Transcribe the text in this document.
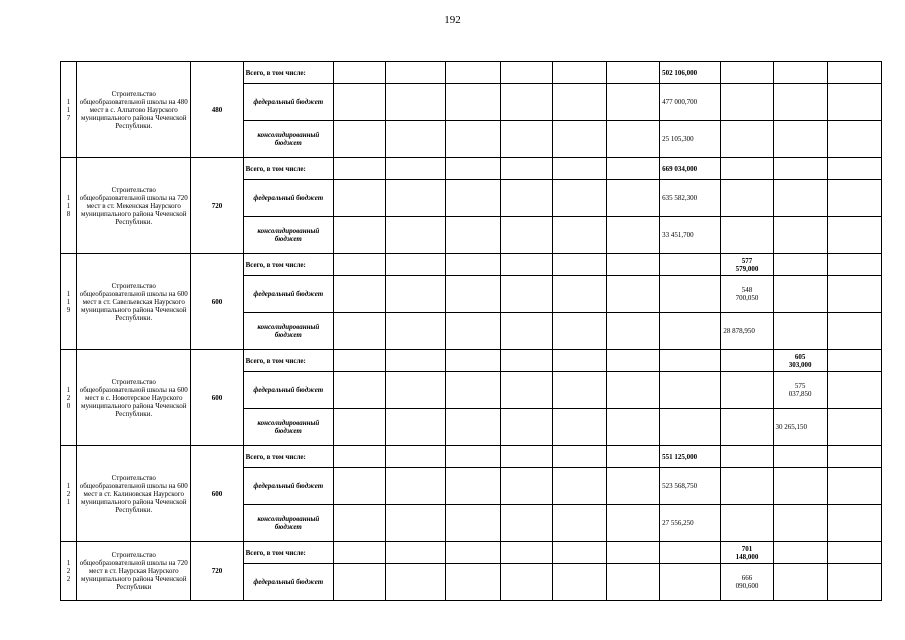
192
1
1
7	Строительство общеобразовательной школы на 480 мест в с. Алпатово Наурского муниципального района Чеченской Республики.	480	Всего, в том числе:							502 106,000			
			федеральный бюджет							477 000,700			
			консолидированный бюджет							25 105,300			
1
1
8	Строительство общеобразовательной школы на 720 мест в ст. Мекенская Наурского муниципального района Чеченской Республики.	720	Всего, в том числе:							669 034,000			
			федеральный бюджет							635 582,300			
			консолидированный бюджет							33 451,700			
1
1
9	Строительство общеобразовательной школы на 600 мест в ст. Савельевская Наурского муниципального района Чеченской Республики.	600	Всего, в том числе:								577
579,000		
			федеральный бюджет								548
700,050		
			консолидированный бюджет								28 878,950		
1
2
0	Строительство общеобразовательной школы на 600 мест в с. Новотерское Наурского муниципального района Чеченской Республики.	600	Всего, в том числе:									605
303,000	
			федеральный бюджет									575
037,850	
			консолидированный бюджет									30 265,150	
1
2
1	Строительство общеобразовательной школы на 600 мест в ст. Калиновская Наурского муниципального района Чеченской Республики.	600	Всего, в том числе:							551 125,000			
			федеральный бюджет							523 568,750			
			консолидированный бюджет							27 556,250			
1
2
2	Строительство общеобразовательной школы на 720 мест в ст. Наурская Наурского муниципального района Чеченской Республики	720	Всего, в том числе:								701
148,000		
			федеральный бюджет								666
090,600		
